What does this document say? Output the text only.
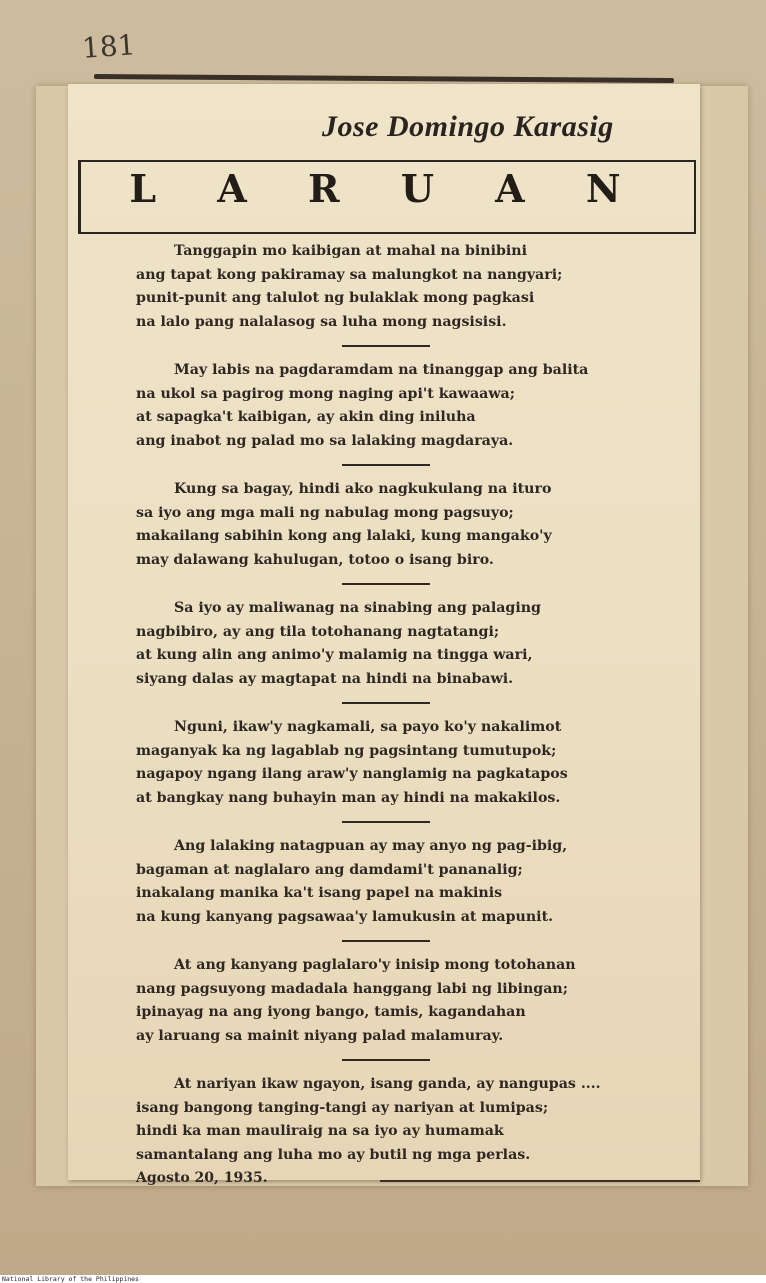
181
Jose Domingo Karasig
L A R U A N
Tanggapin mo kaibigan at mahal na binibini
ang tapat kong pakiramay sa malungkot na nangyari;
punit-punit ang talulot ng bulaklak mong pagkasi
na lalo pang nalalasog sa luha mong nagsisisi.
May labis na pagdaramdam na tinanggap ang balita
na ukol sa pagirog mong naging api't kawaawa;
at sapagka't kaibigan, ay akin ding iniluha
ang inabot ng palad mo sa lalaking magdaraya.
Kung sa bagay, hindi ako nagkukulang na ituro
sa iyo ang mga mali ng nabulag mong pagsuyo;
makailang sabihin kong ang lalaki, kung mangako'y
may dalawang kahulugan, totoo o isang biro.
Sa iyo ay maliwanag na sinabing ang palaging
nagbibiro, ay ang tila totohanang nagtatangi;
at kung alin ang animo'y malamig na tingga wari,
siyang dalas ay magtapat na hindi na binabawi.
Nguni, ikaw'y nagkamali, sa payo ko'y nakalimot
maganyak ka ng lagablab ng pagsintang tumutupok;
nagapoy ngang ilang araw'y nanglamig na pagkatapos
at bangkay nang buhayin man ay hindi na makakilos.
Ang lalaking natagpuan ay may anyo ng pag-ibig,
bagaman at naglalaro ang damdami't pananalig;
inakalang manika ka't isang papel na makinis
na kung kanyang pagsawaa'y lamukusin at mapunit.
At ang kanyang paglalaro'y inisip mong totohanan
nang pagsuyong madadala hanggang labi ng libingan;
ipinayag na ang iyong bango, tamis, kagandahan
ay laruang sa mainit niyang palad malamuray.
At nariyan ikaw ngayon, isang ganda, ay nangupas ....
isang bangong tanging-tangi ay nariyan at lumipas;
hindi ka man mauliraig na sa iyo ay humamak
samantalang ang luha mo ay butil ng mga perlas.
Agosto 20, 1935.
National Library of the Philippines
